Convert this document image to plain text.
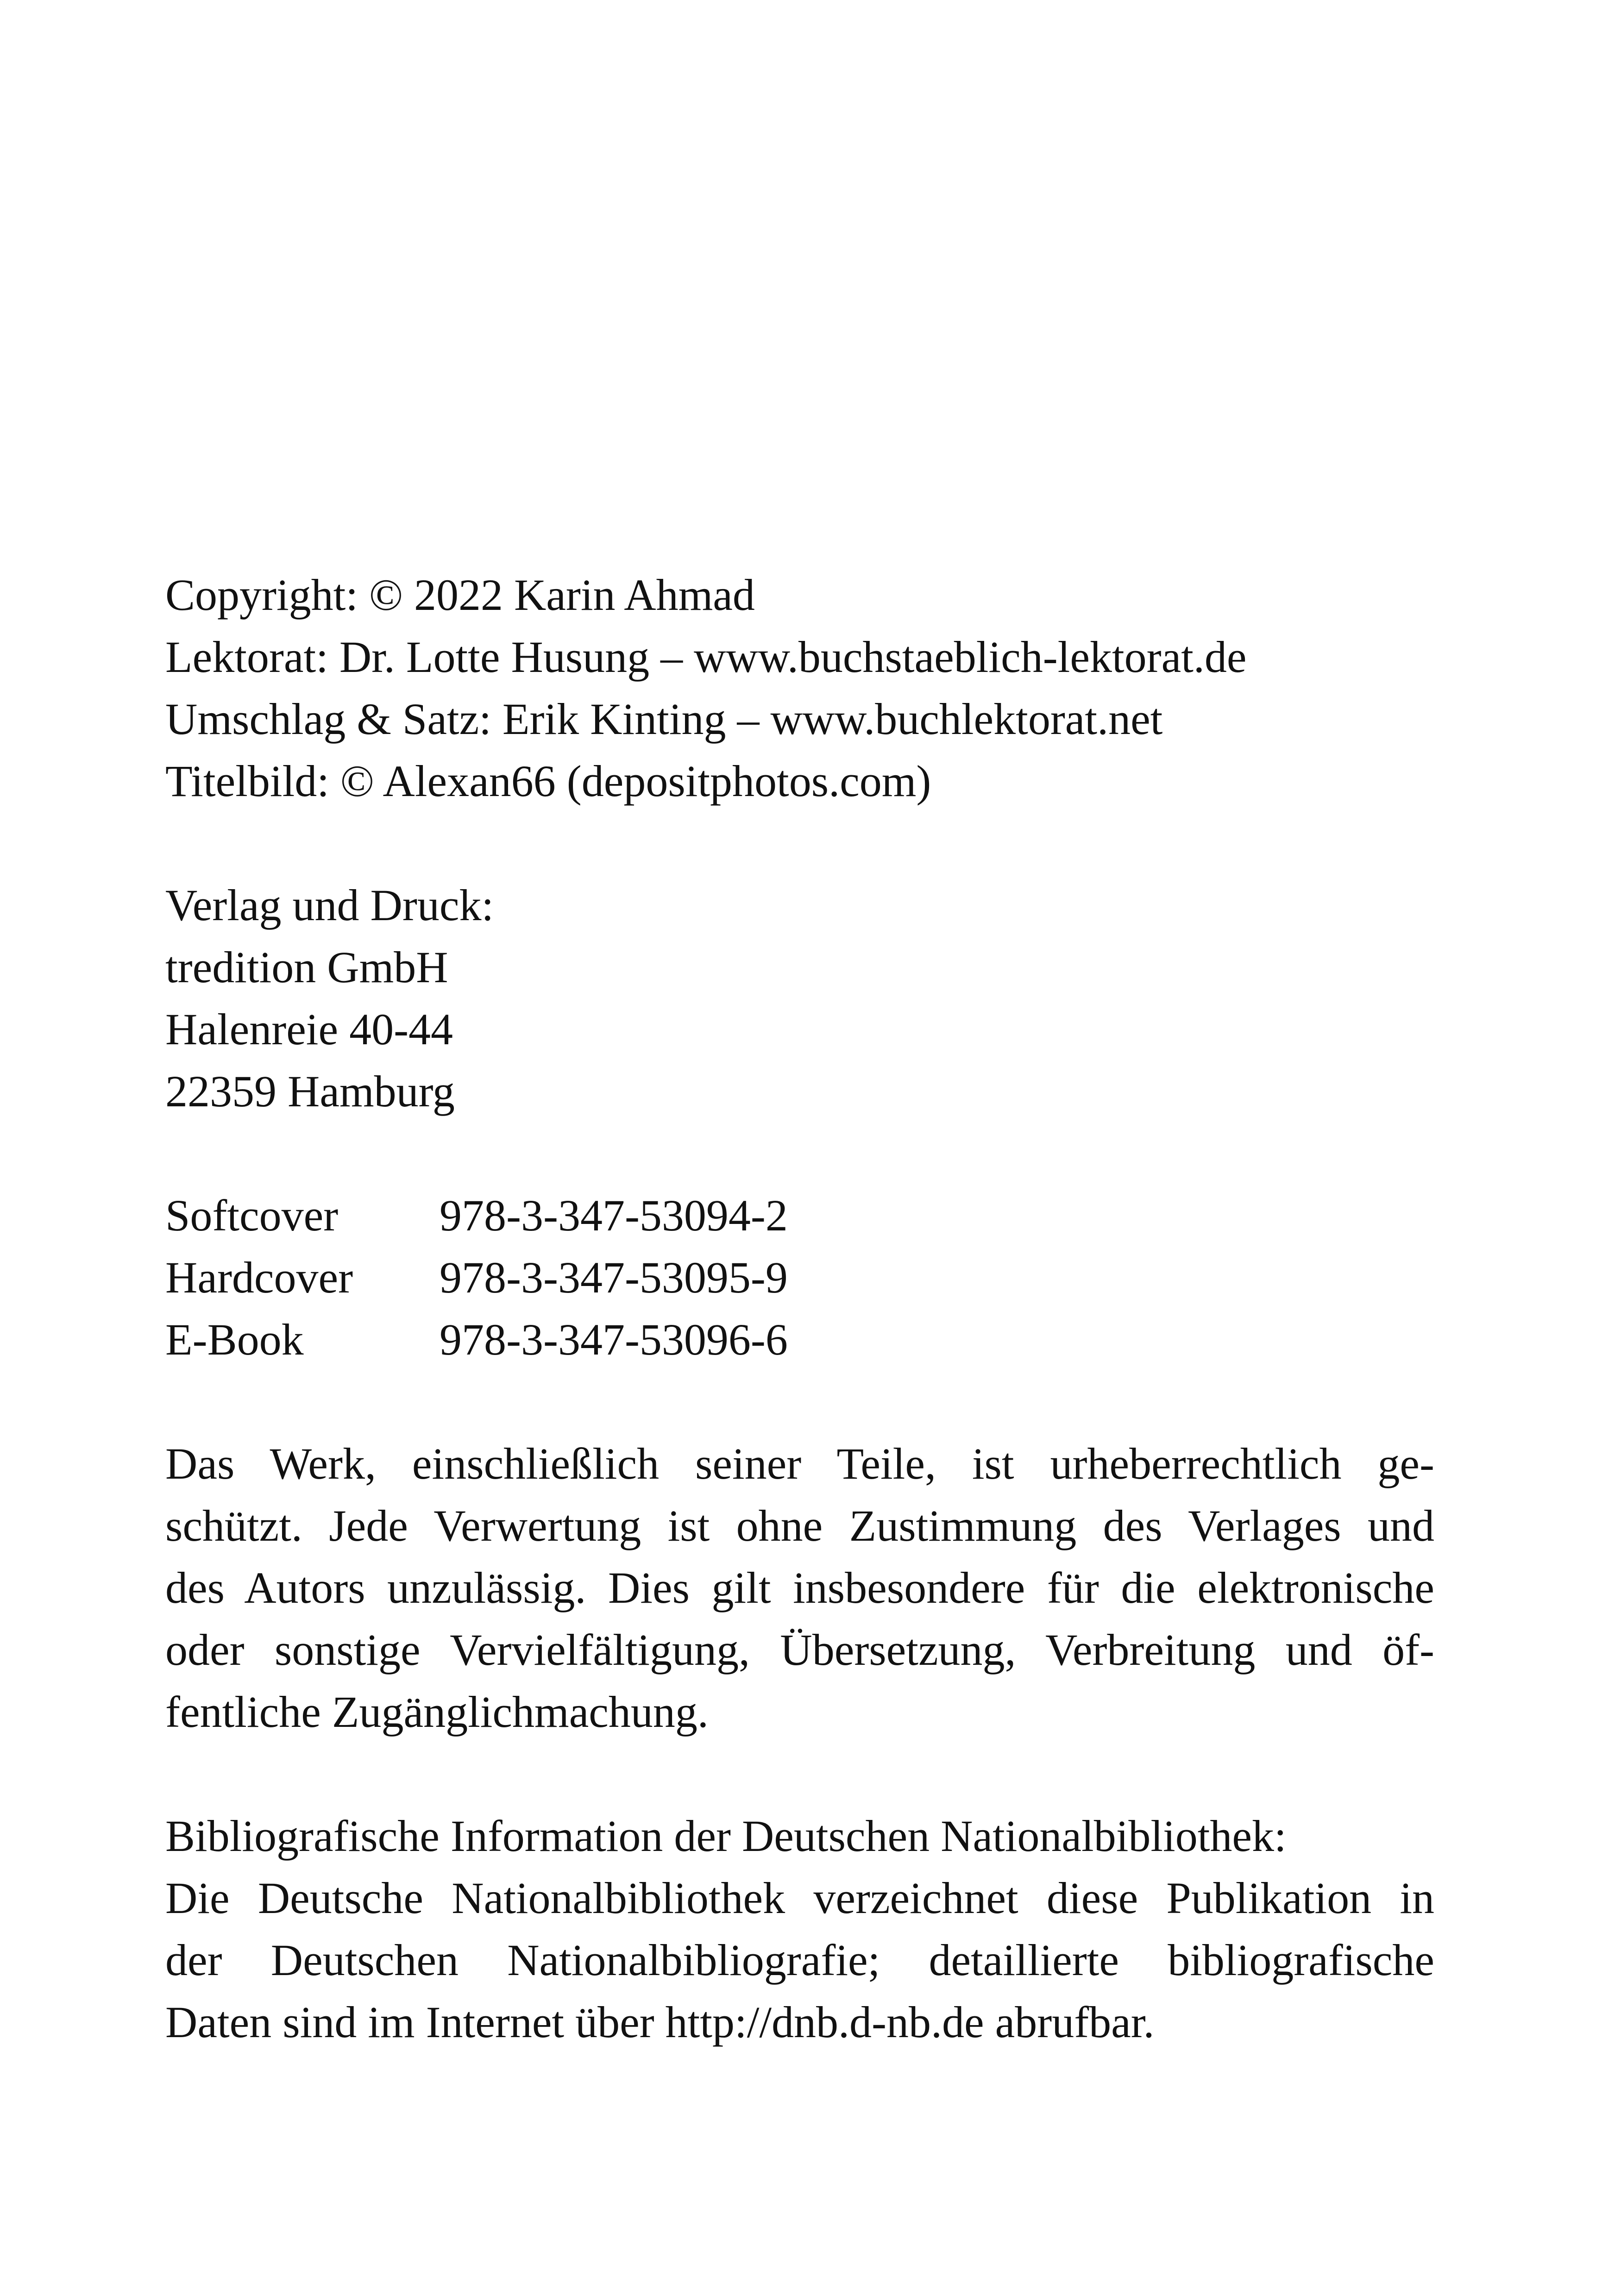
Copyright: © 2022 Karin Ahmad
Lektorat: Dr. Lotte Husung – www.buchstaeblich-lektorat.de
Umschlag & Satz: Erik Kinting – www.buchlektorat.net
Titelbild: © Alexan66 (depositphotos.com)
Verlag und Druck:
tredition GmbH
Halenreie 40-44
22359 Hamburg
Softcover	978-3-347-53094-2
Hardcover	978-3-347-53095-9
E-Book	978-3-347-53096-6
Das Werk, einschließlich seiner Teile, ist urheberrechtlich ge-
schützt. Jede Verwertung ist ohne Zustimmung des Verlages und
des Autors unzulässig. Dies gilt insbesondere für die elektronische
oder sonstige Vervielfältigung, Übersetzung, Verbreitung und öf-
fentliche Zugänglichmachung.
Bibliografische Information der Deutschen Nationalbibliothek:
Die Deutsche Nationalbibliothek verzeichnet diese Publikation in
der Deutschen Nationalbibliografie; detaillierte bibliografische
Daten sind im Internet über http://dnb.d-nb.de abrufbar.
